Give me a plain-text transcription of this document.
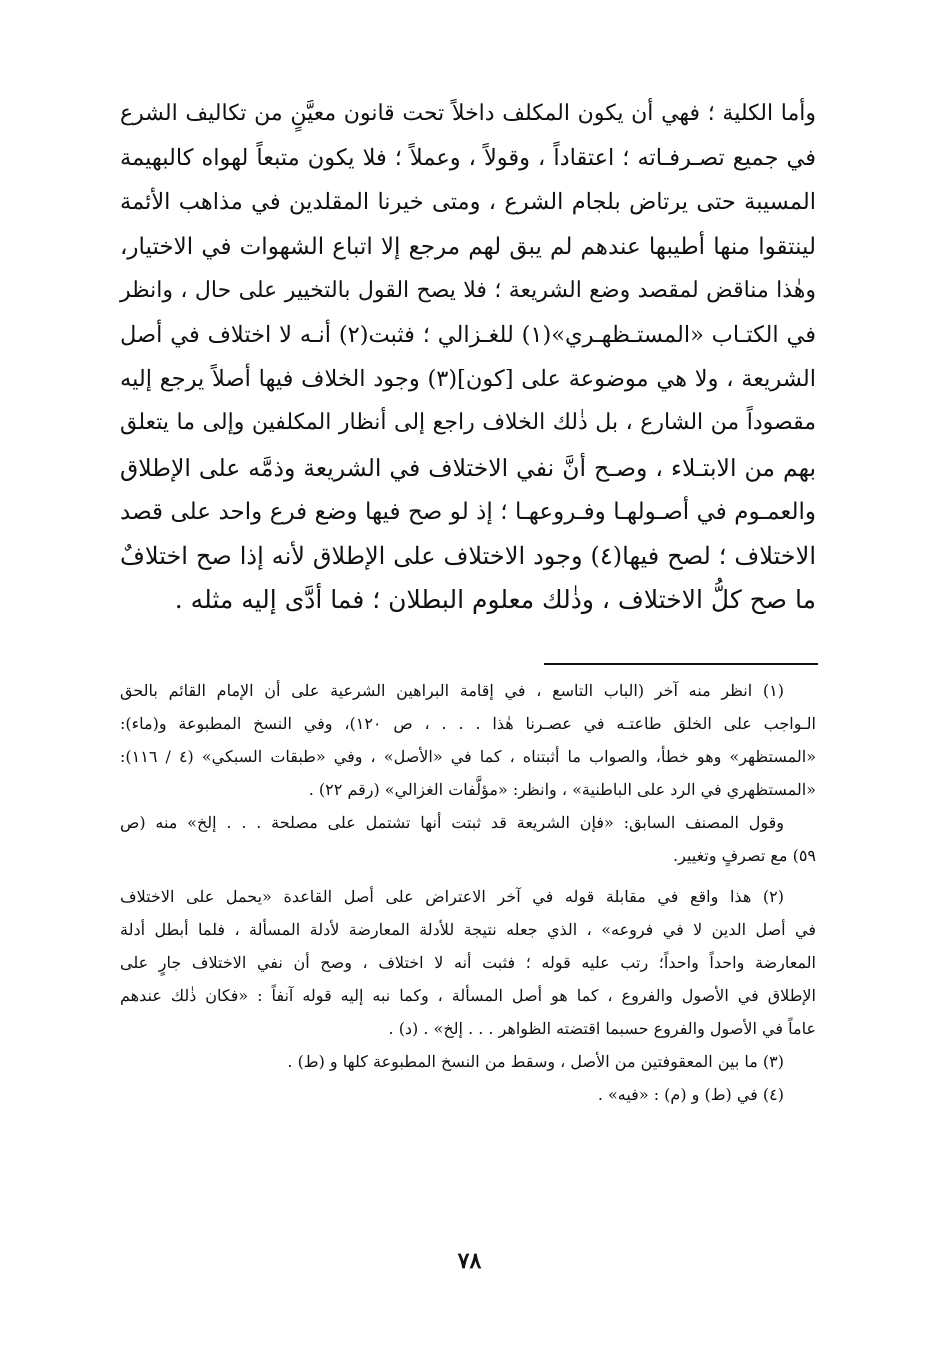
وأما الكلية ؛ فهي أن يكون المكلف داخلاً تحت قانون معيَّنٍ من تكاليف الشرع
في جميع تصـرفـاته ؛ اعتقاداً ، وقولاً ، وعملاً ؛ فلا يكون متبعاً لهواه كالبهيمة
المسيبة حتى يرتاض بلجام الشرع ، ومتى خيرنا المقلدين في مذاهب الأئمة
لينتقوا منها أطيبها عندهم لم يبق لهم مرجع إلا اتباع الشهوات في الاختيار،
وهٰذا مناقض لمقصد وضع الشريعة ؛ فلا يصح القول بالتخيير على حال ، وانظر
في الكتـاب «المستـظهـري»(١) للغـزالي ؛ فثبت(٢) أنـه لا اختلاف في أصل
الشريعة ، ولا هي موضوعة على [كون](٣) وجود الخلاف فيها أصلاً يرجع إليه
مقصوداً من الشارع ، بل ذٰلك الخلاف راجع إلى أنظار المكلفين وإلى ما يتعلق
بهم من الابتـلاء ، وصـح أنَّ نفي الاختلاف في الشريعة وذمَّه على الإطلاق
والعمـوم في أصـولهـا وفـروعهـا ؛ إذ لو صح فيها وضع فرع واحد على قصد
الاختلاف ؛ لصح فيها(٤) وجود الاختلاف على الإطلاق لأنه إذا صح اختلافٌ
ما صح كلُّ الاختلاف ، وذٰلك معلوم البطلان ؛ فما أدَّى إليه مثله .
(١) انظر منه آخر (الباب التاسع ، في إقامة البراهين الشرعية على أن الإمام القائم بالحق
الـواجب على الخلق طاعتـه في عصـرنا هٰذا . . . ، ص ١٢٠)، وفي النسخ المطبوعة و(ماء):
«المستظهر» وهو خطأ، والصواب ما أثبتناه ، كما في «الأصل» ، وفي «طبقات السبكي» (٤ / ١١٦):
«المستظهري في الرد على الباطنية» ، وانظر: «مؤلَّفات الغزالي» (رقم ٢٢) .
وقول المصنف السابق: «فإن الشريعة قد ثبتت أنها تشتمل على مصلحة . . . إلخ» منه (ص
٥٩) مع تصرفٍ وتغيير.
(٢) هذا واقع في مقابلة قوله في آخر الاعتراض على أصل القاعدة «يحمل على الاختلاف
في أصل الدين لا في فروعه» ، الذي جعله نتيجة للأدلة المعارضة لأدلة المسألة ، فلما أبطل أدلة
المعارضة واحداً واحداً؛ رتب عليه قوله ؛ فثبت أنه لا اختلاف ، وصح أن نفي الاختلاف جارٍ على
الإطلاق في الأصول والفروع ، كما هو أصل المسألة ، وكما نبه إليه قوله آنفاً : «فكان ذٰلك عندهم
عاماً في الأصول والفروع حسبما اقتضته الظواهر . . . إلخ» . (د) .
(٣) ما بين المعقوفتين من الأصل ، وسقط من النسخ المطبوعة كلها و (ط) .
(٤) في (ط) و (م) : «فيه» .
٧٨
